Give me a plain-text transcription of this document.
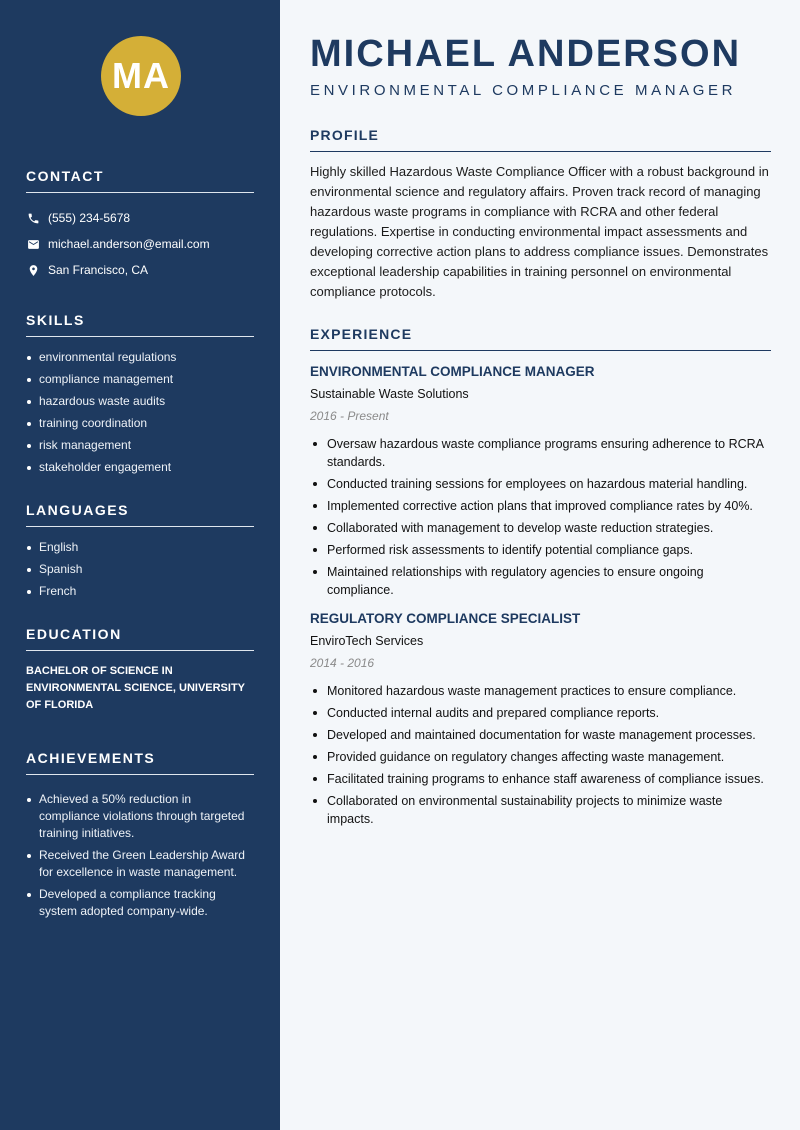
MA
CONTACT
(555) 234-5678
michael.anderson@email.com
San Francisco, CA
SKILLS
environmental regulations
compliance management
hazardous waste audits
training coordination
risk management
stakeholder engagement
LANGUAGES
English
Spanish
French
EDUCATION
BACHELOR OF SCIENCE IN ENVIRONMENTAL SCIENCE, UNIVERSITY OF FLORIDA
ACHIEVEMENTS
Achieved a 50% reduction in compliance violations through targeted training initiatives.
Received the Green Leadership Award for excellence in waste management.
Developed a compliance tracking system adopted company-wide.
MICHAEL ANDERSON
ENVIRONMENTAL COMPLIANCE MANAGER
PROFILE
Highly skilled Hazardous Waste Compliance Officer with a robust background in environmental science and regulatory affairs. Proven track record of managing hazardous waste programs in compliance with RCRA and other federal regulations. Expertise in conducting environmental impact assessments and developing corrective action plans to address compliance issues. Demonstrates exceptional leadership capabilities in training personnel on environmental compliance protocols.
EXPERIENCE
ENVIRONMENTAL COMPLIANCE MANAGER
Sustainable Waste Solutions
2016 - Present
Oversaw hazardous waste compliance programs ensuring adherence to RCRA standards.
Conducted training sessions for employees on hazardous material handling.
Implemented corrective action plans that improved compliance rates by 40%.
Collaborated with management to develop waste reduction strategies.
Performed risk assessments to identify potential compliance gaps.
Maintained relationships with regulatory agencies to ensure ongoing compliance.
REGULATORY COMPLIANCE SPECIALIST
EnviroTech Services
2014 - 2016
Monitored hazardous waste management practices to ensure compliance.
Conducted internal audits and prepared compliance reports.
Developed and maintained documentation for waste management processes.
Provided guidance on regulatory changes affecting waste management.
Facilitated training programs to enhance staff awareness of compliance issues.
Collaborated on environmental sustainability projects to minimize waste impacts.
